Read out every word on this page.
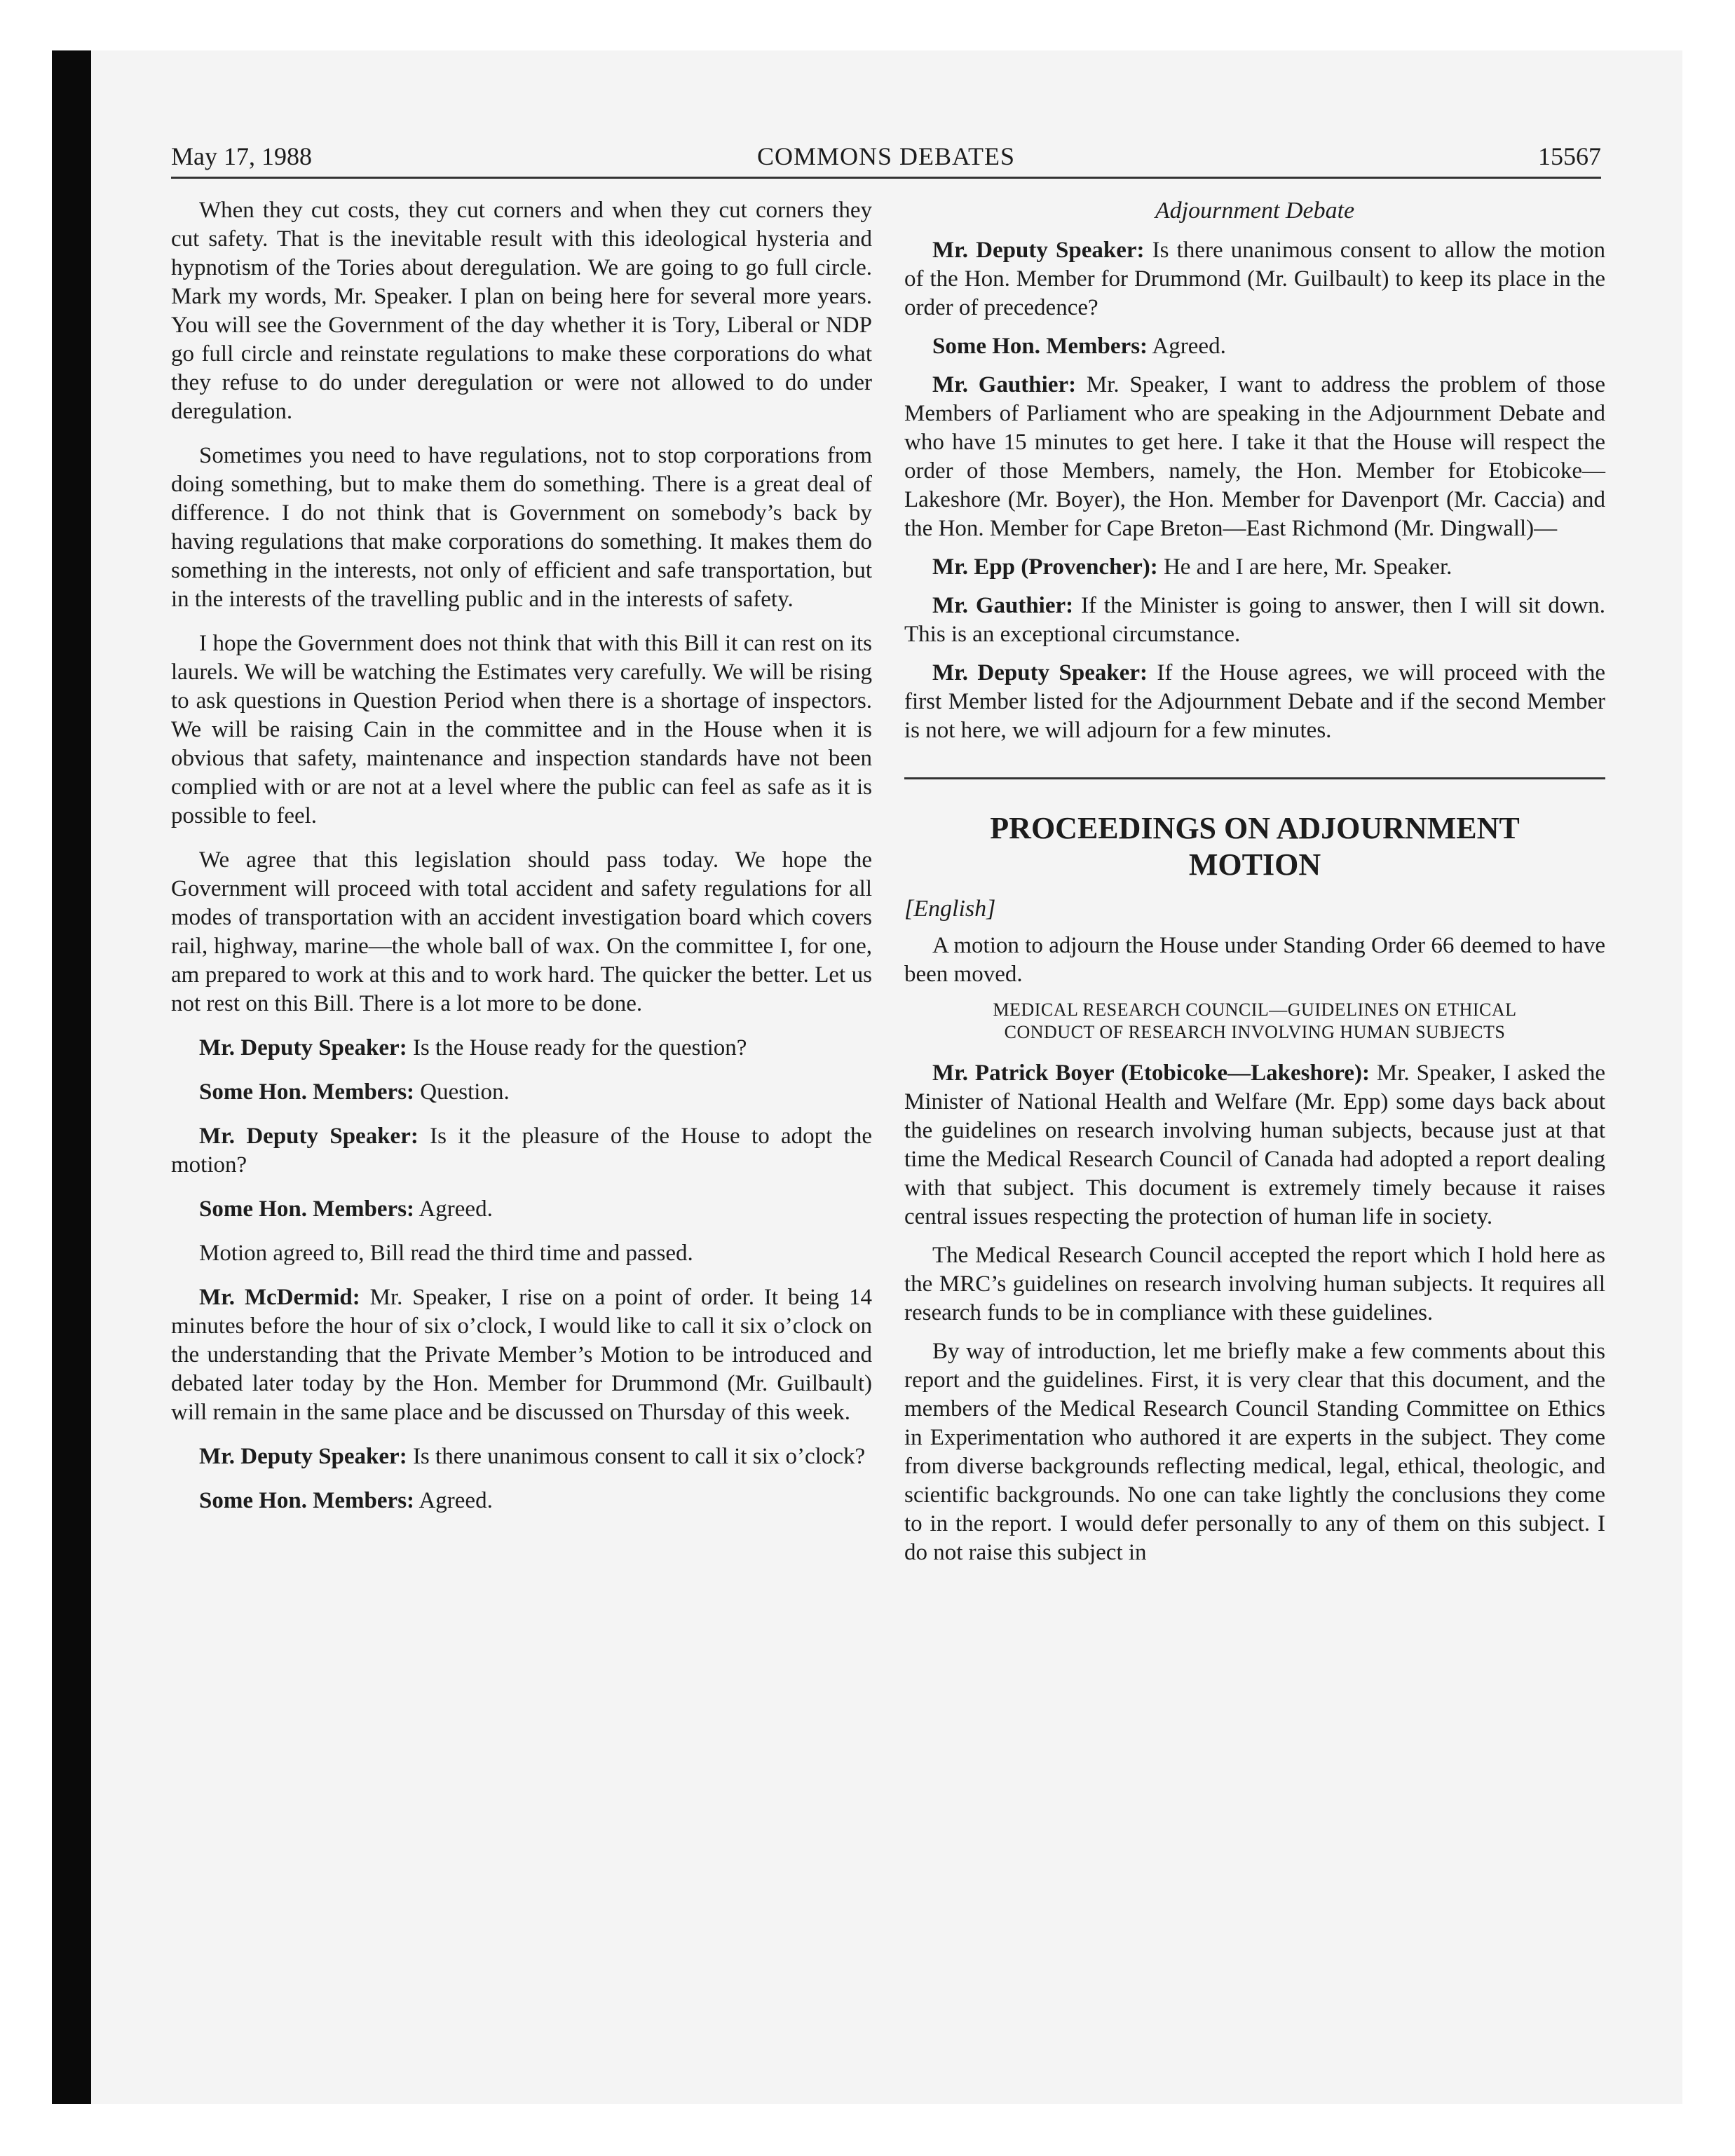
May 17, 1988	COMMONS DEBATES	15567

When they cut costs, they cut corners and when they cut corners they cut safety. That is the inevitable result with this ideological hysteria and hypnotism of the Tories about deregulation. We are going to go full circle. Mark my words, Mr. Speaker. I plan on being here for several more years. You will see the Government of the day whether it is Tory, Liberal or NDP go full circle and reinstate regulations to make these corporations do what they refuse to do under deregulation or were not allowed to do under deregulation.

Sometimes you need to have regulations, not to stop corporations from doing something, but to make them do something. There is a great deal of difference. I do not think that is Government on somebody’s back by having regulations that make corporations do something. It makes them do something in the interests, not only of efficient and safe transportation, but in the interests of the travelling public and in the interests of safety.

I hope the Government does not think that with this Bill it can rest on its laurels. We will be watching the Estimates very carefully. We will be rising to ask questions in Question Period when there is a shortage of inspectors. We will be raising Cain in the committee and in the House when it is obvious that safety, maintenance and inspection standards have not been complied with or are not at a level where the public can feel as safe as it is possible to feel.

We agree that this legislation should pass today. We hope the Government will proceed with total accident and safety regulations for all modes of transportation with an accident investigation board which covers rail, highway, marine—the whole ball of wax. On the committee I, for one, am prepared to work at this and to work hard. The quicker the better. Let us not rest on this Bill. There is a lot more to be done.

Mr. Deputy Speaker: Is the House ready for the question?

Some Hon. Members: Question.

Mr. Deputy Speaker: Is it the pleasure of the House to adopt the motion?

Some Hon. Members: Agreed.

Motion agreed to, Bill read the third time and passed.

Mr. McDermid: Mr. Speaker, I rise on a point of order. It being 14 minutes before the hour of six o’clock, I would like to call it six o’clock on the understanding that the Private Member’s Motion to be introduced and debated later today by the Hon. Member for Drummond (Mr. Guilbault) will remain in the same place and be discussed on Thursday of this week.

Mr. Deputy Speaker: Is there unanimous consent to call it six o’clock?

Some Hon. Members: Agreed.

Adjournment Debate

Mr. Deputy Speaker: Is there unanimous consent to allow the motion of the Hon. Member for Drummond (Mr. Guilbault) to keep its place in the order of precedence?

Some Hon. Members: Agreed.

Mr. Gauthier: Mr. Speaker, I want to address the problem of those Members of Parliament who are speaking in the Adjournment Debate and who have 15 minutes to get here. I take it that the House will respect the order of those Members, namely, the Hon. Member for Etobicoke—Lakeshore (Mr. Boyer), the Hon. Member for Davenport (Mr. Caccia) and the Hon. Member for Cape Breton—East Richmond (Mr. Dingwall)—

Mr. Epp (Provencher): He and I are here, Mr. Speaker.

Mr. Gauthier: If the Minister is going to answer, then I will sit down. This is an exceptional circumstance.

Mr. Deputy Speaker: If the House agrees, we will proceed with the first Member listed for the Adjournment Debate and if the second Member is not here, we will adjourn for a few minutes.

PROCEEDINGS ON ADJOURNMENT
MOTION
[English]

A motion to adjourn the House under Standing Order 66 deemed to have been moved.

MEDICAL RESEARCH COUNCIL—GUIDELINES ON ETHICAL
CONDUCT OF RESEARCH INVOLVING HUMAN SUBJECTS

Mr. Patrick Boyer (Etobicoke—Lakeshore): Mr. Speaker, I asked the Minister of National Health and Welfare (Mr. Epp) some days back about the guidelines on research involving human subjects, because just at that time the Medical Research Council of Canada had adopted a report dealing with that subject. This document is extremely timely because it raises central issues respecting the protection of human life in society.

The Medical Research Council accepted the report which I hold here as the MRC’s guidelines on research involving human subjects. It requires all research funds to be in compliance with these guidelines.

By way of introduction, let me briefly make a few comments about this report and the guidelines. First, it is very clear that this document, and the members of the Medical Research Council Standing Committee on Ethics in Experimentation who authored it are experts in the subject. They come from diverse backgrounds reflecting medical, legal, ethical, theologic, and scientific backgrounds. No one can take lightly the conclusions they come to in the report. I would defer personally to any of them on this subject. I do not raise this subject in
